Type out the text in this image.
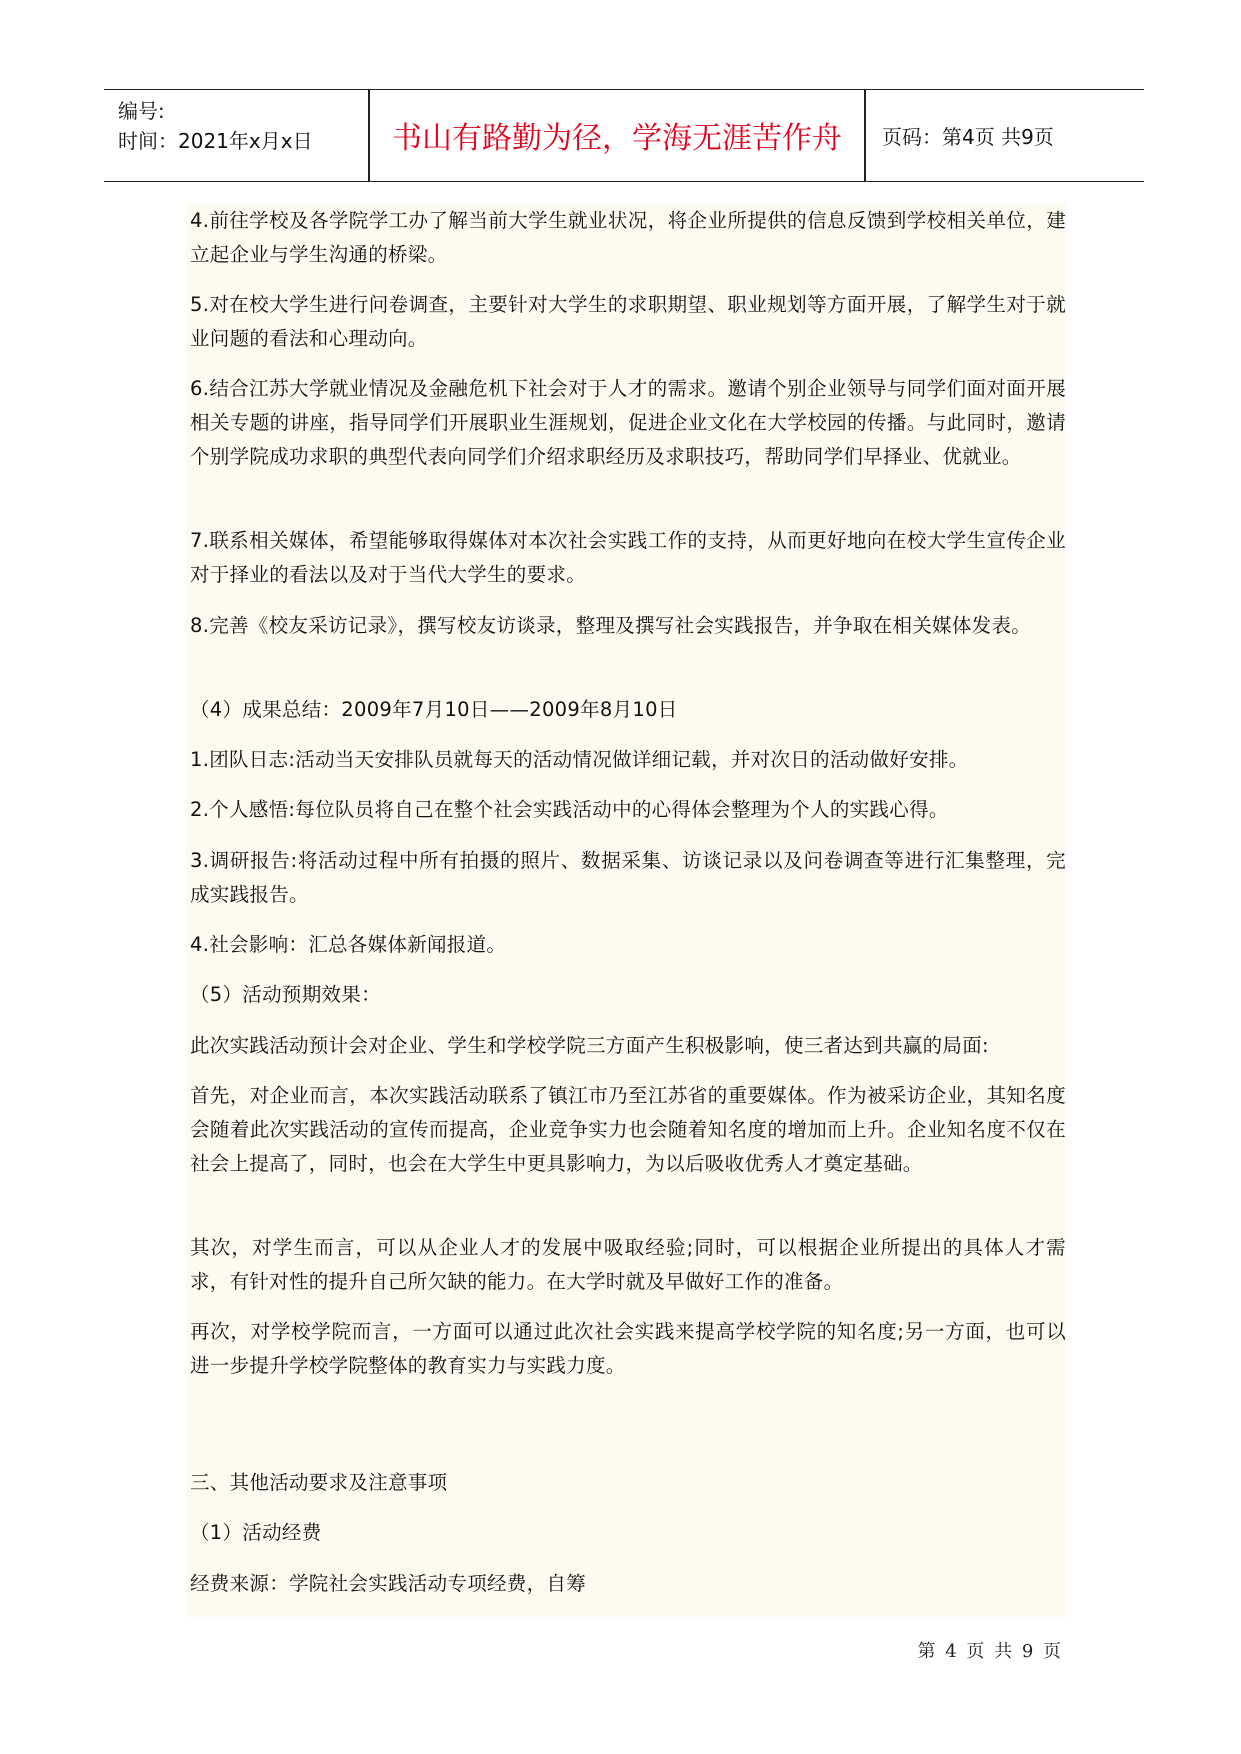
编号:
时间：2021年x月x日	书山有路勤为径，学海无涯苦作舟	页码：第4页 共9页
4.前往学校及各学院学工办了解当前大学生就业状况，将企业所提供的信息反馈到学校相关单位，建立起企业与学生沟通的桥梁。
5.对在校大学生进行问卷调查，主要针对大学生的求职期望、职业规划等方面开展，了解学生对于就业问题的看法和心理动向。
6.结合江苏大学就业情况及金融危机下社会对于人才的需求。邀请个别企业领导与同学们面对面开展相关专题的讲座，指导同学们开展职业生涯规划，促进企业文化在大学校园的传播。与此同时，邀请个别学院成功求职的典型代表向同学们介绍求职经历及求职技巧，帮助同学们早择业、优就业。
7.联系相关媒体，希望能够取得媒体对本次社会实践工作的支持，从而更好地向在校大学生宣传企业对于择业的看法以及对于当代大学生的要求。
8.完善《校友采访记录》，撰写校友访谈录，整理及撰写社会实践报告，并争取在相关媒体发表。
（4）成果总结：2009年7月10日——2009年8月10日
1.团队日志:活动当天安排队员就每天的活动情况做详细记载，并对次日的活动做好安排。
2.个人感悟:每位队员将自己在整个社会实践活动中的心得体会整理为个人的实践心得。
3.调研报告:将活动过程中所有拍摄的照片、数据采集、访谈记录以及问卷调查等进行汇集整理，完成实践报告。
4.社会影响：汇总各媒体新闻报道。
（5）活动预期效果：
此次实践活动预计会对企业、学生和学校学院三方面产生积极影响，使三者达到共赢的局面:
首先，对企业而言，本次实践活动联系了镇江市乃至江苏省的重要媒体。作为被采访企业，其知名度会随着此次实践活动的宣传而提高，企业竞争实力也会随着知名度的增加而上升。企业知名度不仅在社会上提高了，同时，也会在大学生中更具影响力，为以后吸收优秀人才奠定基础。
其次，对学生而言，可以从企业人才的发展中吸取经验;同时，可以根据企业所提出的具体人才需求，有针对性的提升自己所欠缺的能力。在大学时就及早做好工作的准备。
再次，对学校学院而言，一方面可以通过此次社会实践来提高学校学院的知名度;另一方面，也可以进一步提升学校学院整体的教育实力与实践力度。
三、其他活动要求及注意事项
（1）活动经费
经费来源：学院社会实践活动专项经费，自筹
第 4 页 共 9 页
